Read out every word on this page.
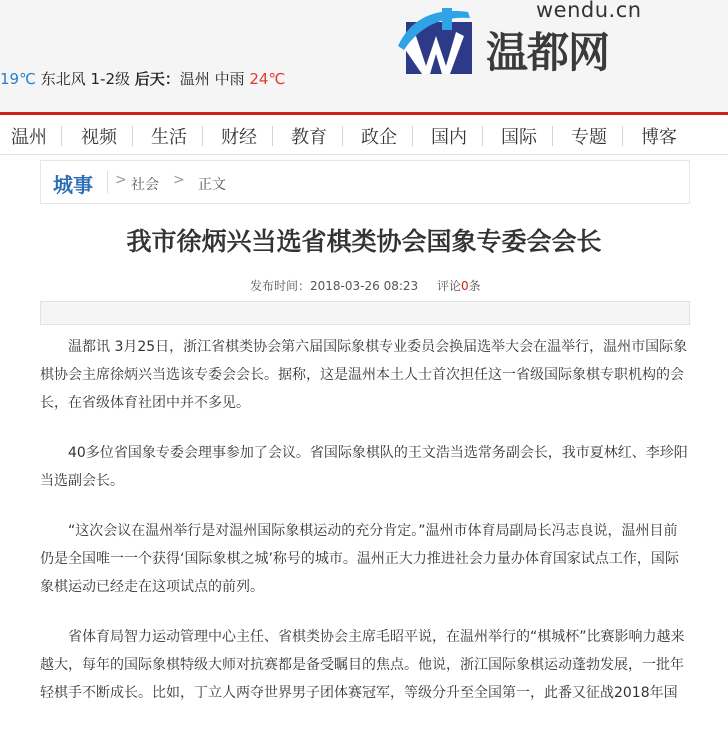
19℃ 东北风 1-2级 后天：温州 中雨 24℃
wendu.cn
温都网
温州 视频 生活 财经 教育 政企 国内 国际 专题 博客
城事 > 社会 > 正文
我市徐炳兴当选省棋类协会国象专委会会长
发布时间：2018-03-26 08:23 评论0条

温都讯 3月25日，浙江省棋类协会第六届国际象棋专业委员会换届选举大会在温举行，温州市国际象棋协会主席徐炳兴当选该专委会会长。据称，这是温州本土人士首次担任这一省级国际象棋专职机构的会长，在省级体育社团中并不多见。

40多位省国象专委会理事参加了会议。省国际象棋队的王文浩当选常务副会长，我市夏林红、李珍阳当选副会长。

“这次会议在温州举行是对温州国际象棋运动的充分肯定。”温州市体育局副局长冯志良说，温州目前仍是全国唯一一个获得‘国际象棋之城’称号的城市。温州正大力推进社会力量办体育国家试点工作，国际象棋运动已经走在这项试点的前列。

省体育局智力运动管理中心主任、省棋类协会主席毛昭平说，在温州举行的“棋城杯”比赛影响力越来越大，每年的国际象棋特级大师对抗赛都是备受瞩目的焦点。他说，浙江国际象棋运动蓬勃发展，一批年轻棋手不断成长。比如，丁立人两夺世界男子团体赛冠军，等级分升至全国第一，此番又征战2018年国
